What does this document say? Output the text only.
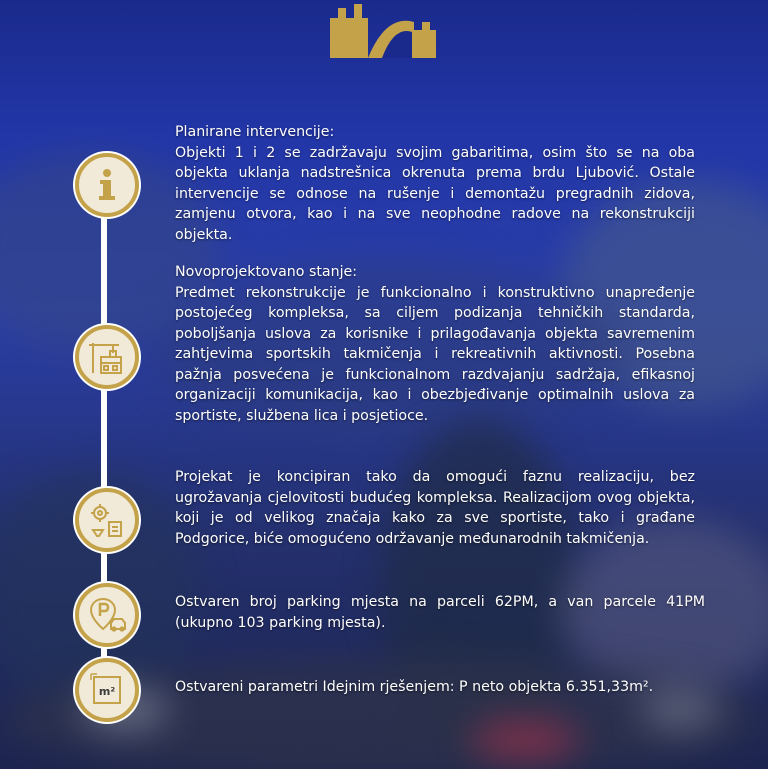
m²
Planirane intervencije:

Objekti 1 i 2 se zadržavaju svojim gabaritima, osim što se na oba objekta uklanja nadstrešnica okrenuta prema brdu Ljubović. Ostale intervencije se odnose na rušenje i demontažu pregradnih zidova, zamjenu otvora, kao i na sve neophodne radove na rekonstrukciji objekta.

Novoprojektovano stanje:

Predmet rekonstrukcije je funkcionalno i konstruktivno unapređenje postojećeg kompleksa, sa ciljem podizanja tehničkih standarda, poboljšanja uslova za korisnike i prilagođavanja objekta savremenim zahtjevima sportskih takmičenja i rekreativnih aktivnosti. Posebna pažnja posvećena je funkcionalnom razdvajanju sadržaja, efikasnoj organizaciji komunikacija, kao i obezbjeđivanje optimalnih uslova za sportiste, službena lica i posjetioce.

Projekat je koncipiran tako da omogući faznu realizaciju, bez ugrožavanja cjelovitosti budućeg kompleksa. Realizacijom ovog objekta, koji je od velikog značaja kako za sve sportiste, tako i građane Podgorice, biće omogućeno održavanje međunarodnih takmičenja.

Ostvaren broj parking mjesta na parceli 62PM, a van parcele 41PM (ukupno 103 parking mjesta).

Ostvareni parametri Idejnim rješenjem: P neto objekta 6.351,33m².
